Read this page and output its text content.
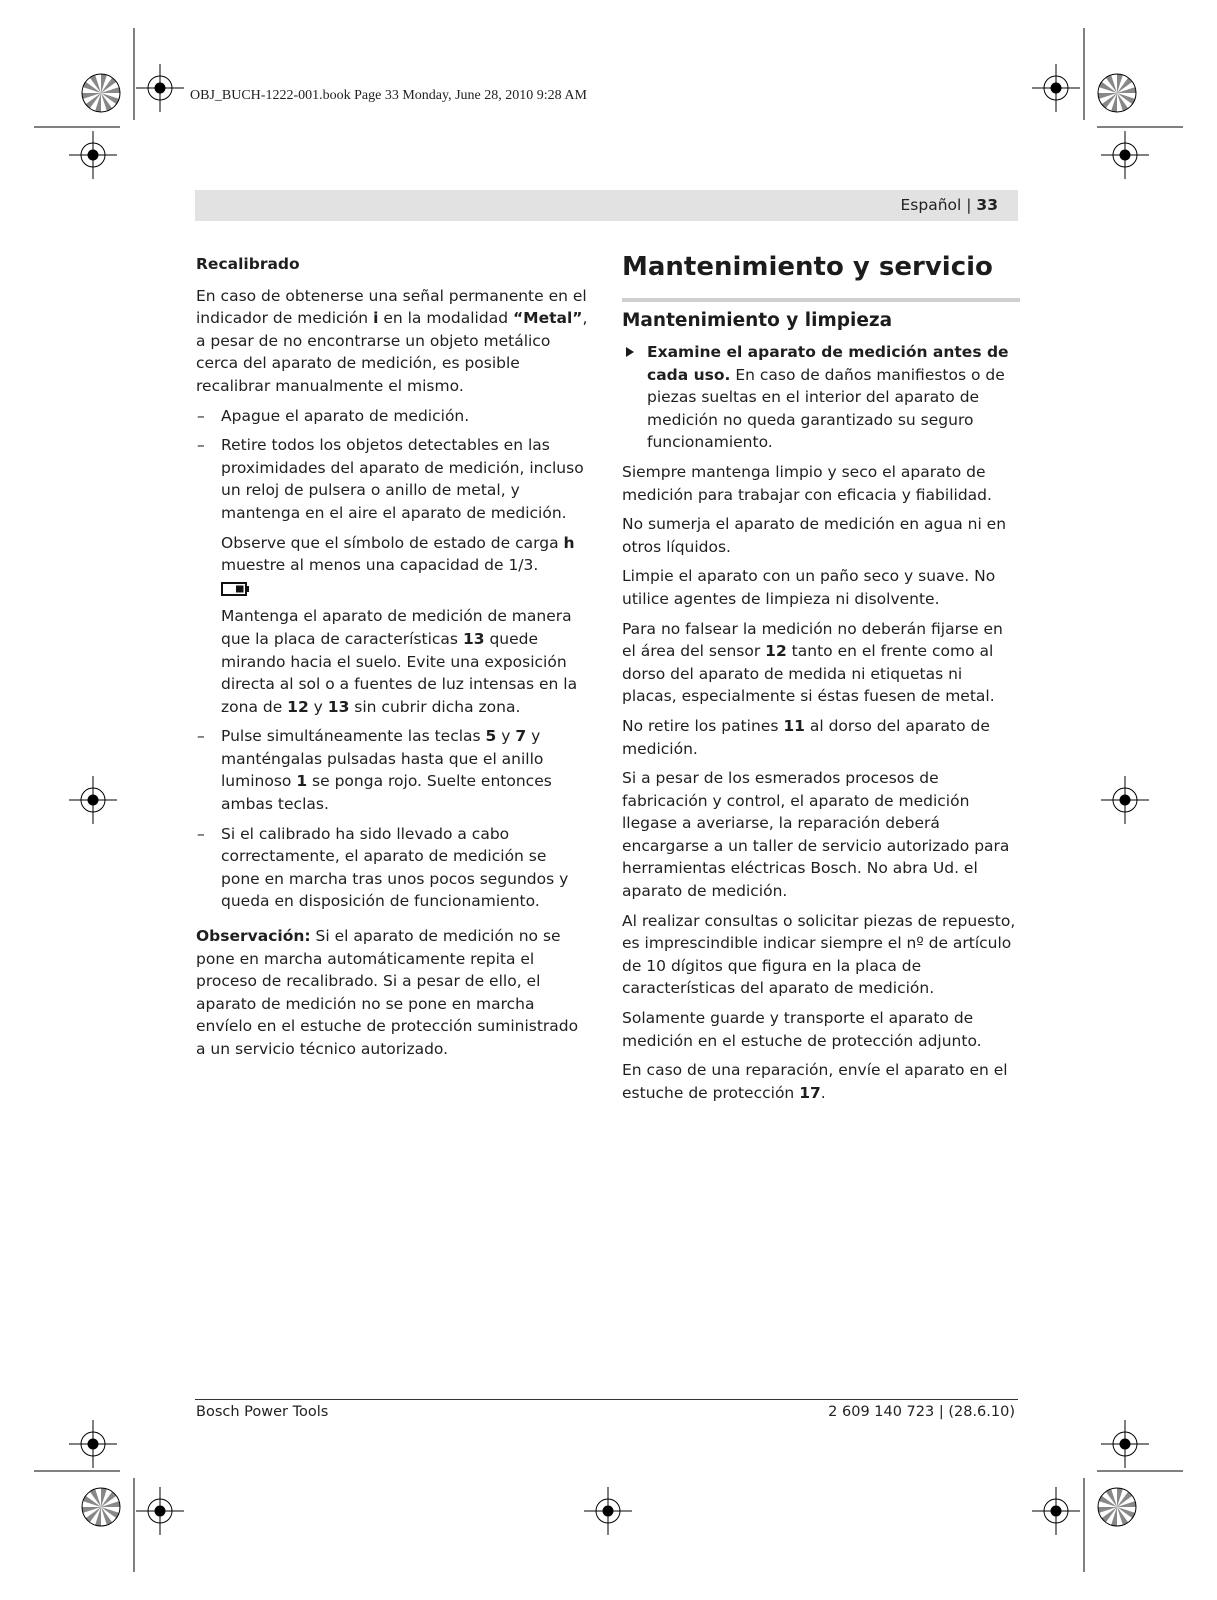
OBJ_BUCH-1222-001.book Page 33 Monday, June 28, 2010 9:28 AM
Español | 33

Recalibrado

En caso de obtenerse una señal permanente en el indicador de medición i en la modalidad “Metal”, a pesar de no encontrarse un objeto metálico cerca del aparato de medición, es posible recalibrar manualmente el mismo.

– Apague el aparato de medición.

– Retire todos los objetos detectables en las proximidades del aparato de medición, incluso un reloj de pulsera o anillo de metal, y mantenga en el aire el aparato de medición.

Observe que el símbolo de estado de carga h muestre al menos una capacidad de 1/3.

Mantenga el aparato de medición de manera que la placa de características 13 quede mirando hacia el suelo. Evite una exposición directa al sol o a fuentes de luz intensas en la zona de 12 y 13 sin cubrir dicha zona.

– Pulse simultáneamente las teclas 5 y 7 y manténgalas pulsadas hasta que el anillo luminoso 1 se ponga rojo. Suelte entonces ambas teclas.

– Si el calibrado ha sido llevado a cabo correctamente, el aparato de medición se pone en marcha tras unos pocos segundos y queda en disposición de funcionamiento.

Observación: Si el aparato de medición no se pone en marcha automáticamente repita el proceso de recalibrado. Si a pesar de ello, el aparato de medición no se pone en marcha envíelo en el estuche de protección suministrado a un servicio técnico autorizado.

Mantenimiento y servicio
Mantenimiento y limpieza

Examine el aparato de medición antes de cada uso. En caso de daños manifiestos o de piezas sueltas en el interior del aparato de medición no queda garantizado su seguro funcionamiento.

Siempre mantenga limpio y seco el aparato de medición para trabajar con eficacia y fiabilidad.

No sumerja el aparato de medición en agua ni en otros líquidos.

Limpie el aparato con un paño seco y suave. No utilice agentes de limpieza ni disolvente.

Para no falsear la medición no deberán fijarse en el área del sensor 12 tanto en el frente como al dorso del aparato de medida ni etiquetas ni placas, especialmente si éstas fuesen de metal.

No retire los patines 11 al dorso del aparato de medición.

Si a pesar de los esmerados procesos de fabricación y control, el aparato de medición llegase a averiarse, la reparación deberá encargarse a un taller de servicio autorizado para herramientas eléctricas Bosch. No abra Ud. el aparato de medición.

Al realizar consultas o solicitar piezas de repuesto, es imprescindible indicar siempre el nº de artículo de 10 dígitos que figura en la placa de características del aparato de medición.

Solamente guarde y transporte el aparato de medición en el estuche de protección adjunto.

En caso de una reparación, envíe el aparato en el estuche de protección 17.

Bosch Power Tools	2 609 140 723 | (28.6.10)
